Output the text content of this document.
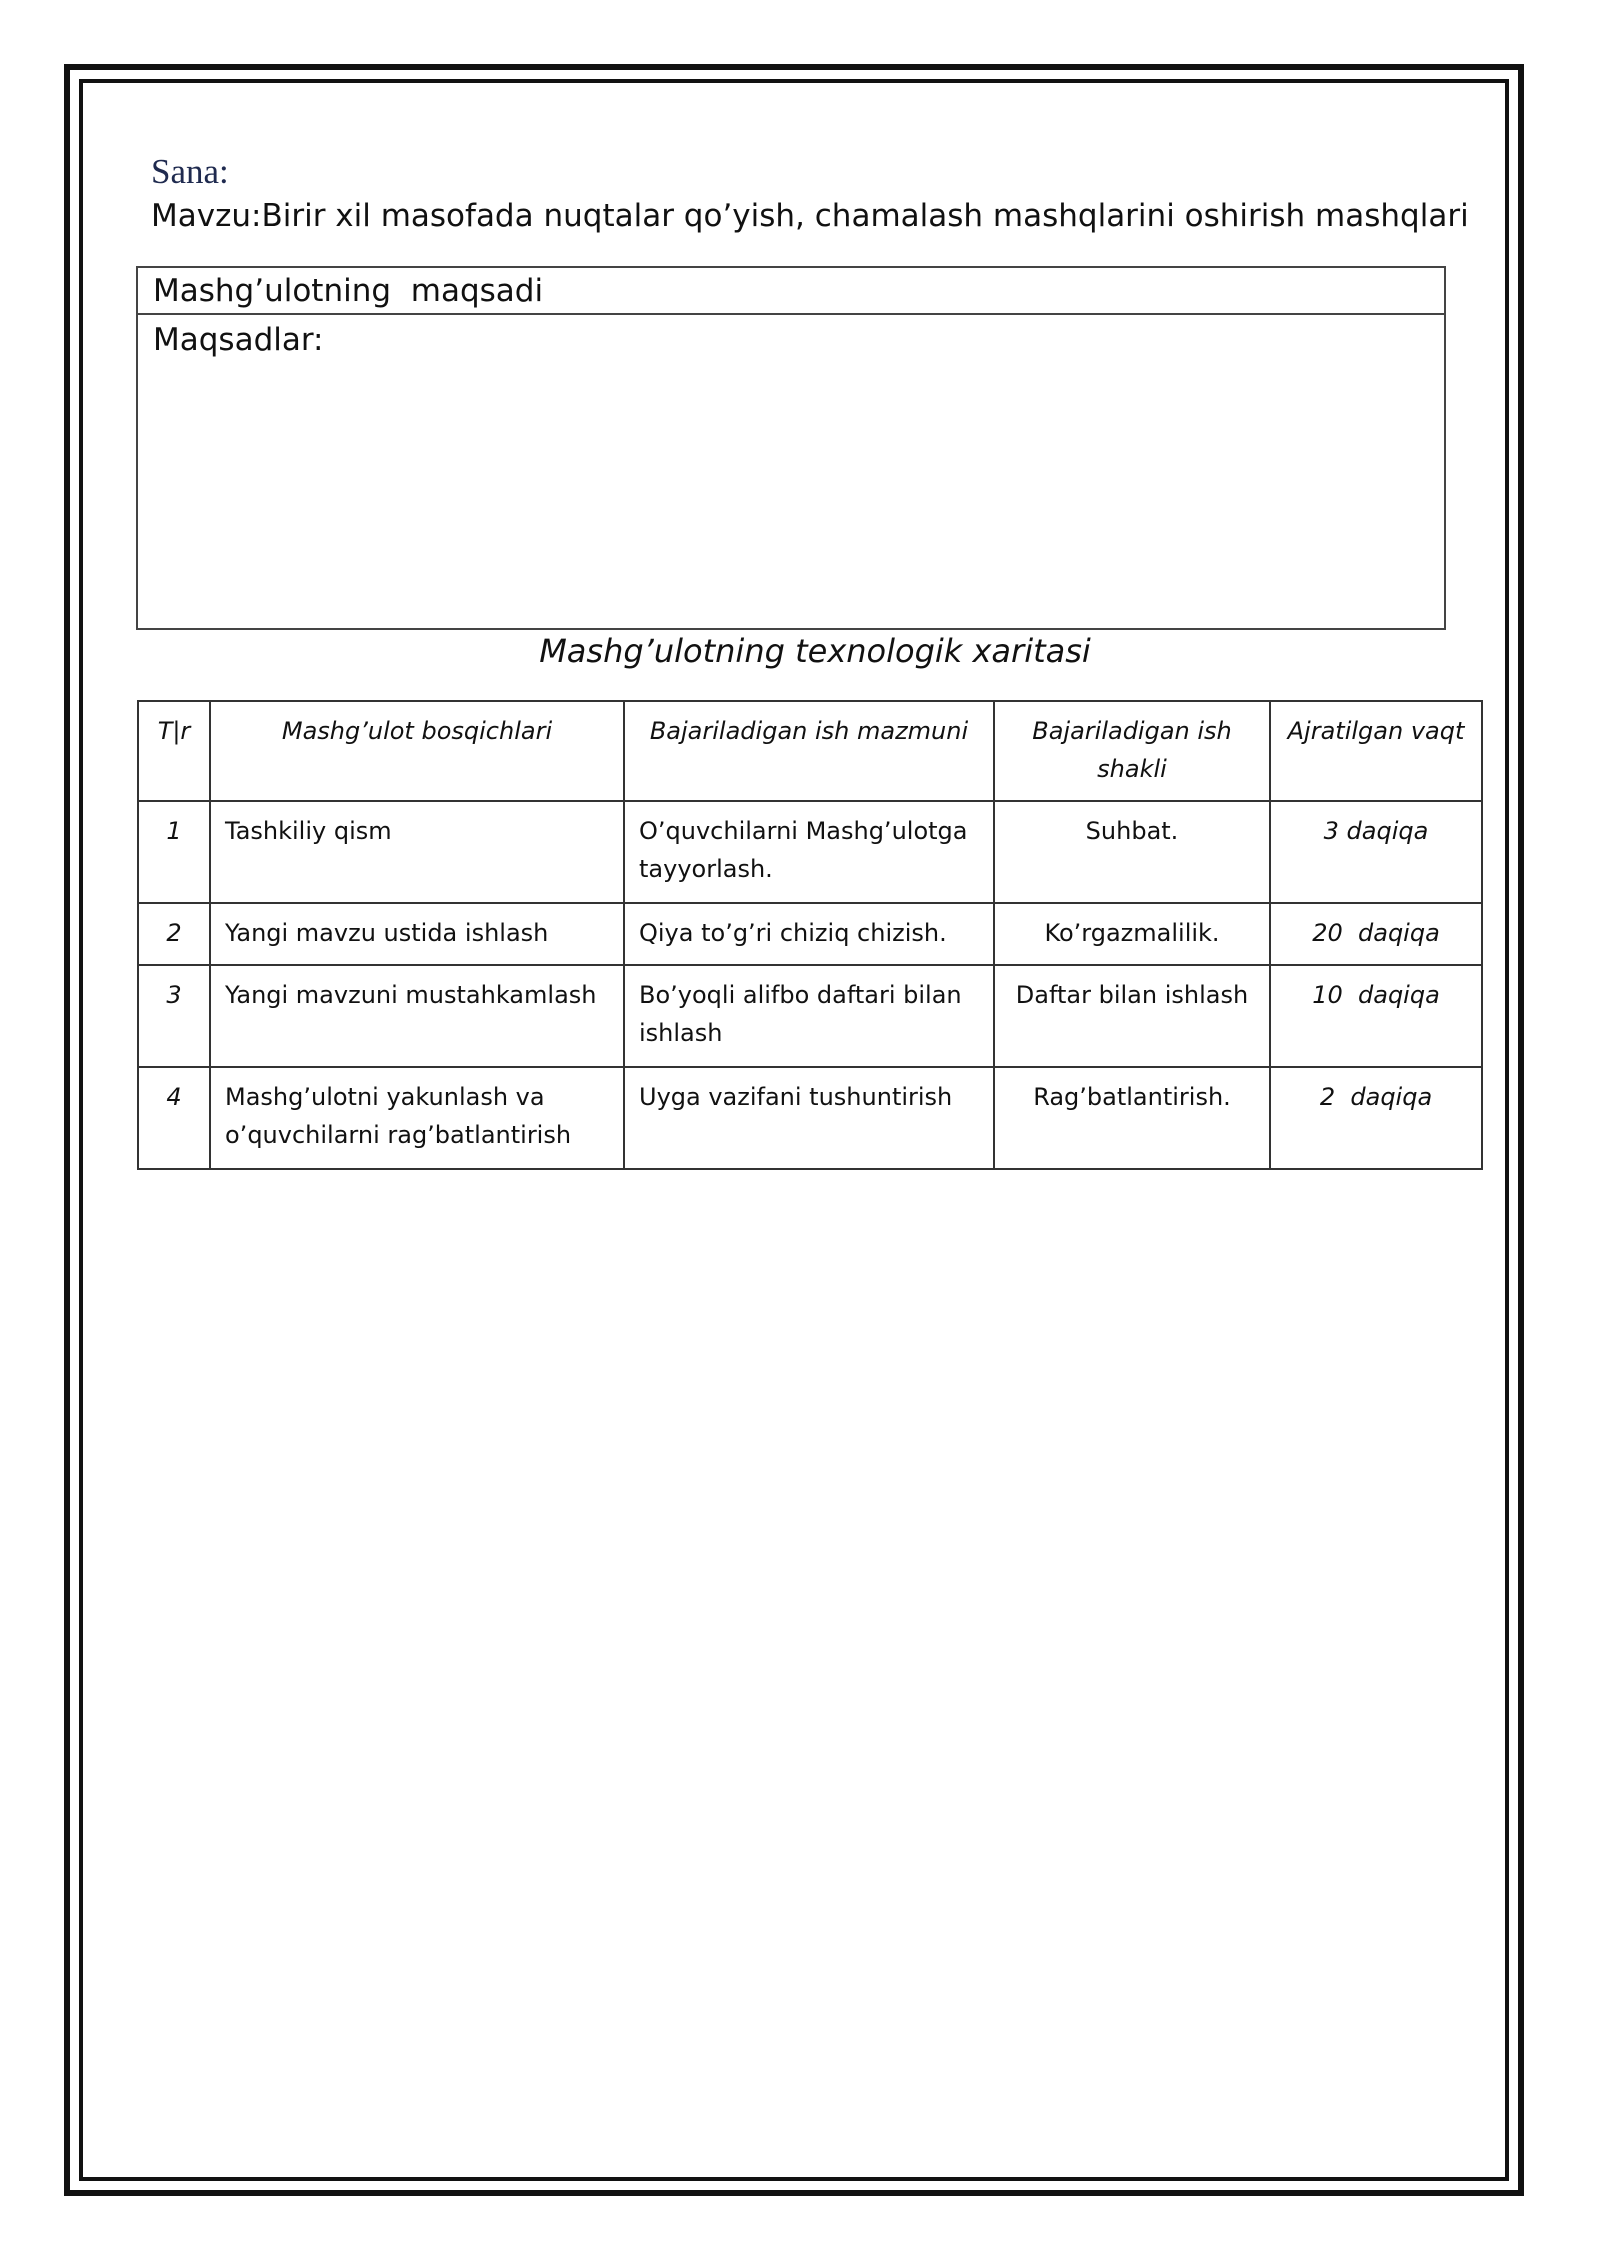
Sana:
Mavzu:Birir xil masofada nuqtalar qo’yish, chamalash mashqlarini oshirish mashqlari
Mashg’ulotning  maqsadi
Maqsadlar:
Mashg’ulotning texnologik xaritasi
T|r	Mashg’ulot bosqichlari	Bajariladigan ish mazmuni	Bajariladigan ish shakli	Ajratilgan vaqt
1	Tashkiliy qism	O’quvchilarni Mashg’ulotga tayyorlash.	Suhbat.	3 daqiqa
2	Yangi mavzu ustida ishlash	Qiya to’g’ri chiziq chizish.	Ko’rgazmalilik.	20  daqiqa
3	Yangi mavzuni mustahkamlash	Bo’yoqli alifbo daftari bilan ishlash	Daftar bilan ishlash	10  daqiqa
4	Mashg’ulotni yakunlash va o’quvchilarni rag’batlantirish	Uyga vazifani tushuntirish	Rag’batlantirish.	2  daqiqa
